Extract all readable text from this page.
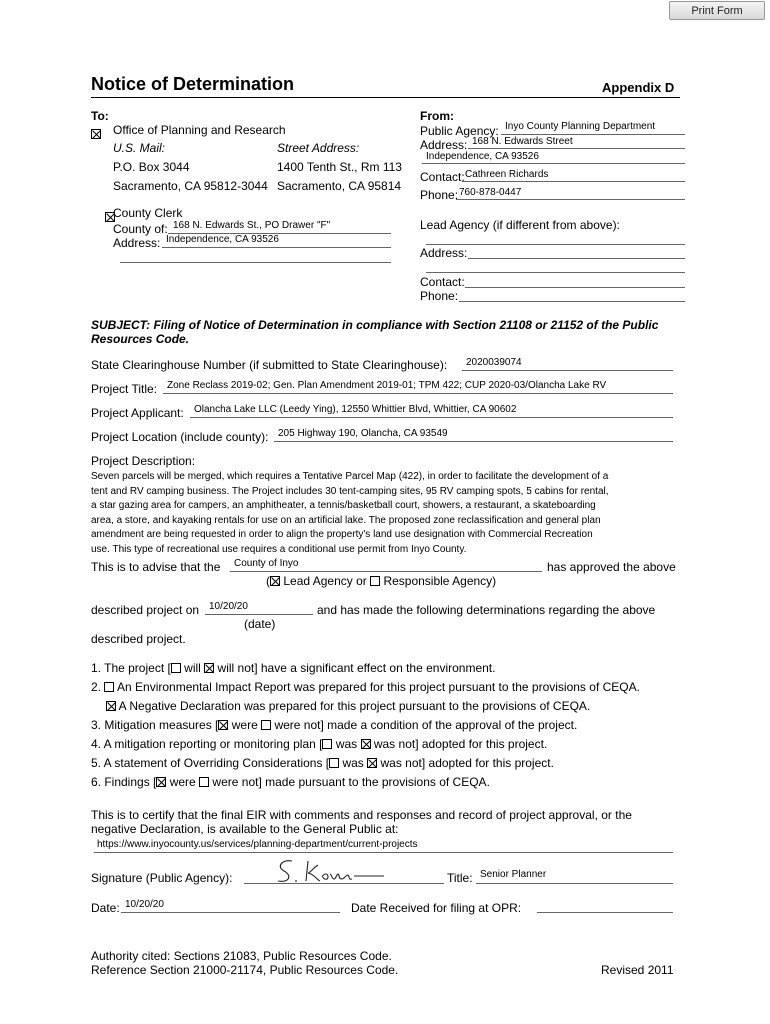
Print Form
Notice of Determination	Appendix D
To:

Office of Planning and Research
U.S. Mail:	Street Address:
P.O. Box 3044	1400 Tenth St., Rm 113
Sacramento, CA 95812-3044 Sacramento, CA 95814
County Clerk
County of: 168 N. Edwards St., PO Drawer "F"
Address: Independence, CA 93526
From:
Public Agency: Inyo County Planning Department
Address: 168 N. Edwards Street
Independence, CA 93526
Contact: Cathreen Richards
Phone: 760-878-0447
Lead Agency (if different from above):
Address:
Contact:
Phone:
SUBJECT: Filing of Notice of Determination in compliance with Section 21108 or 21152 of the Public
Resources Code.
State Clearinghouse Number (if submitted to State Clearinghouse): 2020039074
Project Title: Zone Reclass 2019-02; Gen. Plan Amendment 2019-01; TPM 422; CUP 2020-03/Olancha Lake RV
Project Applicant: Olancha Lake LLC (Leedy Ying), 12550 Whittier Blvd, Whittier, CA 90602
Project Location (include county): 205 Highway 190, Olancha, CA 93549
Project Description:
Seven parcels will be merged, which requires a Tentative Parcel Map (422), in order to facilitate the development of a
tent and RV camping business. The Project includes 30 tent-camping sites, 95 RV camping spots, 5 cabins for rental,
a star gazing area for campers, an amphitheater, a tennis/basketball court, showers, a restaurant, a skateboarding
area, a store, and kayaking rentals for use on an artificial lake. The proposed zone reclassification and general plan
amendment are being requested in order to align the property's land use designation with Commercial Recreation
use. This type of recreational use requires a conditional use permit from Inyo County.
This is to advise that the County of Inyo	has approved the above
( Lead Agency or Responsible Agency)
described project on 10/20/20	and has made the following determinations regarding the above
(date)
described project.
1. The project [ will will not] have a significant effect on the environment.
2. An Environmental Impact Report was prepared for this project pursuant to the provisions of CEQA.
A Negative Declaration was prepared for this project pursuant to the provisions of CEQA.
3. Mitigation measures [ were were not] made a condition of the approval of the project.
4. A mitigation reporting or monitoring plan [ was was not] adopted for this project.
5. A statement of Overriding Considerations [ was was not] adopted for this project.
6. Findings [ were were not] made pursuant to the provisions of CEQA.
This is to certify that the final EIR with comments and responses and record of project approval, or the
negative Declaration, is available to the General Public at:
https://www.inyocounty.us/services/planning-department/current-projects
Signature (Public Agency):	Title: Senior Planner
Date: 10/20/20	Date Received for filing at OPR:
Authority cited: Sections 21083, Public Resources Code.
Reference Section 21000-21174, Public Resources Code.	Revised 2011
